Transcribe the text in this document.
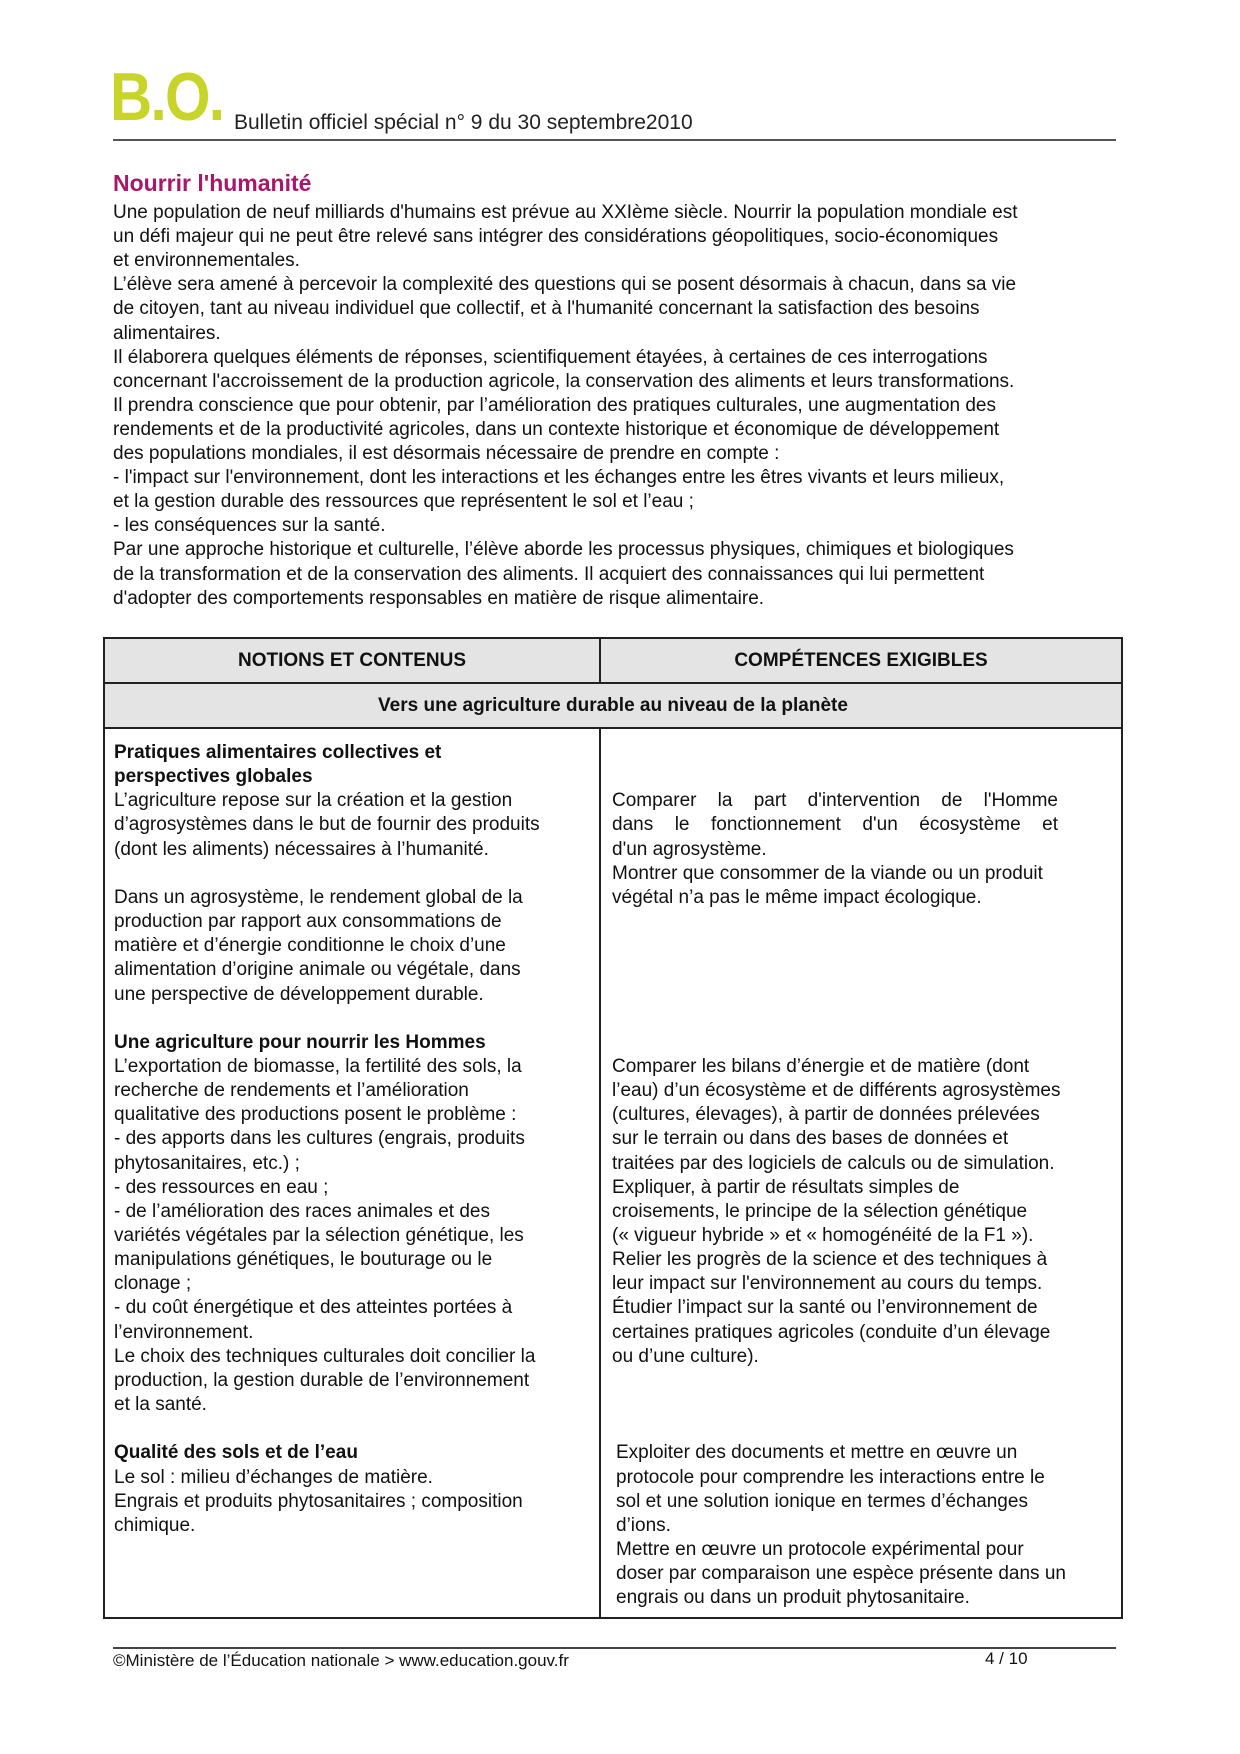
B.O. Bulletin officiel spécial n° 9 du 30 septembre2010
Nourrir l'humanité
Une population de neuf milliards d'humains est prévue au XXIème siècle. Nourrir la population mondiale est
un défi majeur qui ne peut être relevé sans intégrer des considérations géopolitiques, socio-économiques
et environnementales.
L’élève sera amené à percevoir la complexité des questions qui se posent désormais à chacun, dans sa vie
de citoyen, tant au niveau individuel que collectif, et à l'humanité concernant la satisfaction des besoins
alimentaires.
Il élaborera quelques éléments de réponses, scientifiquement étayées, à certaines de ces interrogations
concernant l'accroissement de la production agricole, la conservation des aliments et leurs transformations.
Il prendra conscience que pour obtenir, par l’amélioration des pratiques culturales, une augmentation des
rendements et de la productivité agricoles, dans un contexte historique et économique de développement
des populations mondiales, il est désormais nécessaire de prendre en compte :
- l'impact sur l'environnement, dont les interactions et les échanges entre les êtres vivants et leurs milieux,
et la gestion durable des ressources que représentent le sol et l’eau ;
- les conséquences sur la santé.
Par une approche historique et culturelle, l’élève aborde les processus physiques, chimiques et biologiques
de la transformation et de la conservation des aliments. Il acquiert des connaissances qui lui permettent
d'adopter des comportements responsables en matière de risque alimentaire.
NOTIONS ET CONTENUS	COMPÉTENCES EXIGIBLES
Vers une agriculture durable au niveau de la planète
Pratiques alimentaires collectives et
perspectives globales
L’agriculture repose sur la création et la gestion
d’agrosystèmes dans le but de fournir des produits
(dont les aliments) nécessaires à l’humanité.
Dans un agrosystème, le rendement global de la
production par rapport aux consommations de
matière et d’énergie conditionne le choix d’une
alimentation d’origine animale ou végétale, dans
une perspective de développement durable.
Une agriculture pour nourrir les Hommes
L’exportation de biomasse, la fertilité des sols, la
recherche de rendements et l’amélioration
qualitative des productions posent le problème :
- des apports dans les cultures (engrais, produits
phytosanitaires, etc.) ;
- des ressources en eau ;
- de l’amélioration des races animales et des
variétés végétales par la sélection génétique, les
manipulations génétiques, le bouturage ou le
clonage ;
- du coût énergétique et des atteintes portées à
l’environnement.
Le choix des techniques culturales doit concilier la
production, la gestion durable de l’environnement
et la santé.
Qualité des sols et de l’eau
Le sol : milieu d’échanges de matière.
Engrais et produits phytosanitaires ; composition
chimique.
Comparer la part d'intervention de l'Homme
dans le fonctionnement d'un écosystème et
d'un agrosystème.
Montrer que consommer de la viande ou un produit
végétal n’a pas le même impact écologique.
Comparer les bilans d’énergie et de matière (dont
l’eau) d’un écosystème et de différents agrosystèmes
(cultures, élevages), à partir de données prélevées
sur le terrain ou dans des bases de données et
traitées par des logiciels de calculs ou de simulation.
Expliquer, à partir de résultats simples de
croisements, le principe de la sélection génétique
(« vigueur hybride » et « homogénéité de la F1 »).
Relier les progrès de la science et des techniques à
leur impact sur l'environnement au cours du temps.
Étudier l’impact sur la santé ou l’environnement de
certaines pratiques agricoles (conduite d’un élevage
ou d’une culture).
Exploiter des documents et mettre en œuvre un
protocole pour comprendre les interactions entre le
sol et une solution ionique en termes d’échanges
d’ions.
Mettre en œuvre un protocole expérimental pour
doser par comparaison une espèce présente dans un
engrais ou dans un produit phytosanitaire.
©Ministère de l’Éducation nationale > www.education.gouv.fr	4 / 10
